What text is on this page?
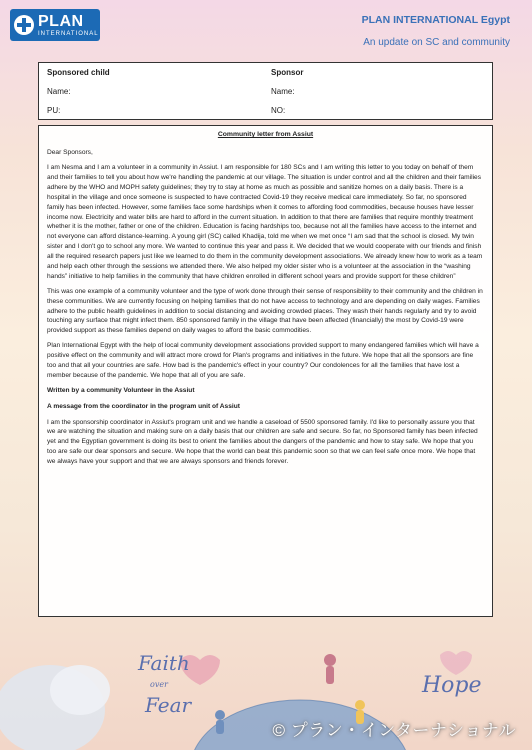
PLAN
INTERNATIONAL
PLAN INTERNATIONAL Egypt
An update on SC and community
Sponsored child	Sponsor
Name:	Name:
PU:	NO:
Community letter from Assiut

Dear Sponsors,

I am Nesma and I am a volunteer in a community in Assiut. I am responsible for 180 SCs and I am writing this letter to you today on behalf of them and their families to tell you about how we're handling the pandemic at our village. The situation is under control and all the children and their families adhere by the WHO and MOPH safety guidelines; they try to stay at home as much as possible and sanitize homes on a daily basis. There is a hospital in the village and once someone is suspected to have contracted Covid-19 they receive medical care immediately. So far, no sponsored family has been infected. However, some families face some hardships when it comes to affording food commodities, because houses have lesser income now. Electricity and water bills are hard to afford in the current situation. In addition to that there are families that require monthly treatment whether it is the mother, father or one of the children. Education is facing hardships too, because not all the families have access to the internet and not everyone can afford distance-learning. A young girl (SC) called Khadija, told me when we met once “I am sad that the school is closed. My twin sister and I don't go to school any more. We wanted to continue this year and pass it. We decided that we would cooperate with our friends and finish all the required research papers just like we learned to do them in the community development associations. We already knew how to work as a team and help each other through the sessions we attended there. We also helped my older sister who is a volunteer at the association in the “washing hands” initiative to help families in the community that have children enrolled in different school years and provide support for these children”

This was one example of a community volunteer and the type of work done through their sense of responsibility to their community and the children in these communities. We are currently focusing on helping families that do not have access to technology and are depending on daily wages. Families adhere to the public health guidelines in addition to social distancing and avoiding crowded places. They wash their hands regularly and try to avoid touching any surface that might infect them. 850 sponsored family in the village that have been affected (financially) the most by Covid-19 were provided support as these families depend on daily wages to afford the basic commodities.

Plan International Egypt with the help of local community development associations provided support to many endangered families which will have a positive effect on the community and will attract more crowd for Plan's programs and initiatives in the future. We hope that all the sponsors are fine too and that all your countries are safe. How bad is the pandemic's effect in your country? Our condolences for all the families that have lost a member because of the pandemic. We hope that all of you are safe.

Written by a community Volunteer in the Assiut

A message from the coordinator in the program unit of Assiut

I am the sponsorship coordinator in Assiut's program unit and we handle a caseload of 5500 sponsored family. I'd like to personally assure you that we are watching the situation and making sure on a daily basis that our children are safe and secure. So far, no Sponsored family has been infected yet and the Egyptian government is doing its best to orient the families about the dangers of the pandemic and how to stay safe. We hope that you too are safe our dear sponsors and secure. We hope that the world can beat this pandemic soon so that we can feel safe once more. We hope that we always have your support and that we are always sponsors and friends forever.

Faith
over
Fear
Hope
© プラン・インターナショナル
